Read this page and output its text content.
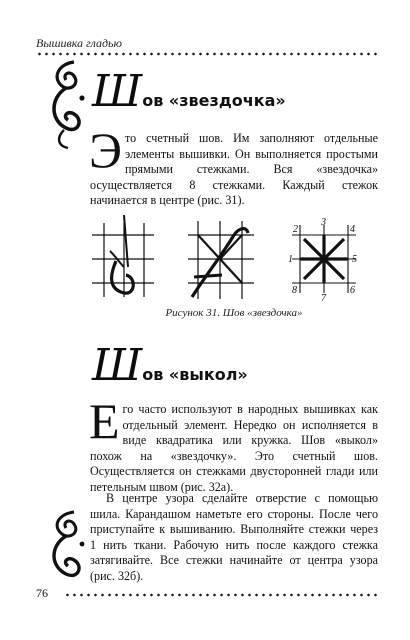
Вышивка гладью
Ш ов «звездочка»
Это счетный шов. Им заполняют отдельные элементы вышивки. Он выполняется простыми прямыми стежками. Вся «звездочка» осуществляется 8 стежками. Каждый стежок начинается в центре (рис. 31).
1
2
3
4
5
6
7
8
Рисунок 31. Шов «звездочка»
Ш ов «выкол»
Его часто используют в народных вышивках как отдельный элемент. Нередко он исполняется в виде квадратика или кружка. Шов «выкол» похож на «звездочку». Это счетный шов. Осуществляется он стежками двусторонней глади или петельным швом (рис. 32а).
В центре узора сделайте отверстие с помощью шила. Карандашом наметьте его стороны. После чего приступайте к вышиванию. Выполняйте стежки через 1 нить ткани. Рабочую нить после каждого стежка затягивайте. Все стежки начинайте от центра узора (рис. 32б).
76
